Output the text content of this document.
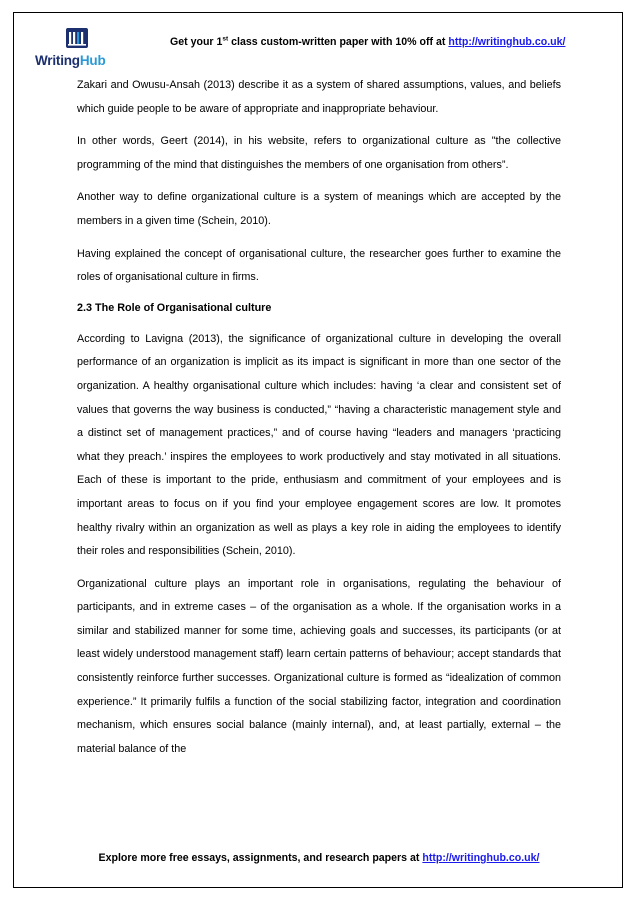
WritingHub
Get your 1st class custom-written paper with 10% off at http://writinghub.co.uk/

Zakari and Owusu-Ansah (2013) describe it as a system of shared assumptions, values, and beliefs which guide people to be aware of appropriate and inappropriate behaviour.

In other words, Geert (2014), in his website, refers to organizational culture as "the collective programming of the mind that distinguishes the members of one organisation from others”.

Another way to define organizational culture is a system of meanings which are accepted by the members in a given time (Schein, 2010).

Having explained the concept of organisational culture, the researcher goes further to examine the roles of organisational culture in firms.

2.3 The Role of Organisational culture

According to Lavigna (2013), the significance of organizational culture in developing the overall performance of an organization is implicit as its impact is significant in more than one sector of the organization. A healthy organisational culture which includes: having ‘a clear and consistent set of values that governs the way business is conducted,” “having a characteristic management style and a distinct set of management practices,” and of course having “leaders and managers ‘practicing what they preach.’ inspires the employees to work productively and stay motivated in all situations. Each of these is important to the pride, enthusiasm and commitment of your employees and is important areas to focus on if you find your employee engagement scores are low. It promotes healthy rivalry within an organization as well as plays a key role in aiding the employees to identify their roles and responsibilities (Schein, 2010).

Organizational culture plays an important role in organisations, regulating the behaviour of participants, and in extreme cases – of the organisation as a whole. If the organisation works in a similar and stabilized manner for some time, achieving goals and successes, its participants (or at least widely understood management staff) learn certain patterns of behaviour; accept standards that consistently reinforce further successes. Organizational culture is formed as “idealization of common experience.” It primarily fulfils a function of the social stabilizing factor, integration and coordination mechanism, which ensures social balance (mainly internal), and, at least partially, external – the material balance of the

Explore more free essays, assignments, and research papers at http://writinghub.co.uk/
